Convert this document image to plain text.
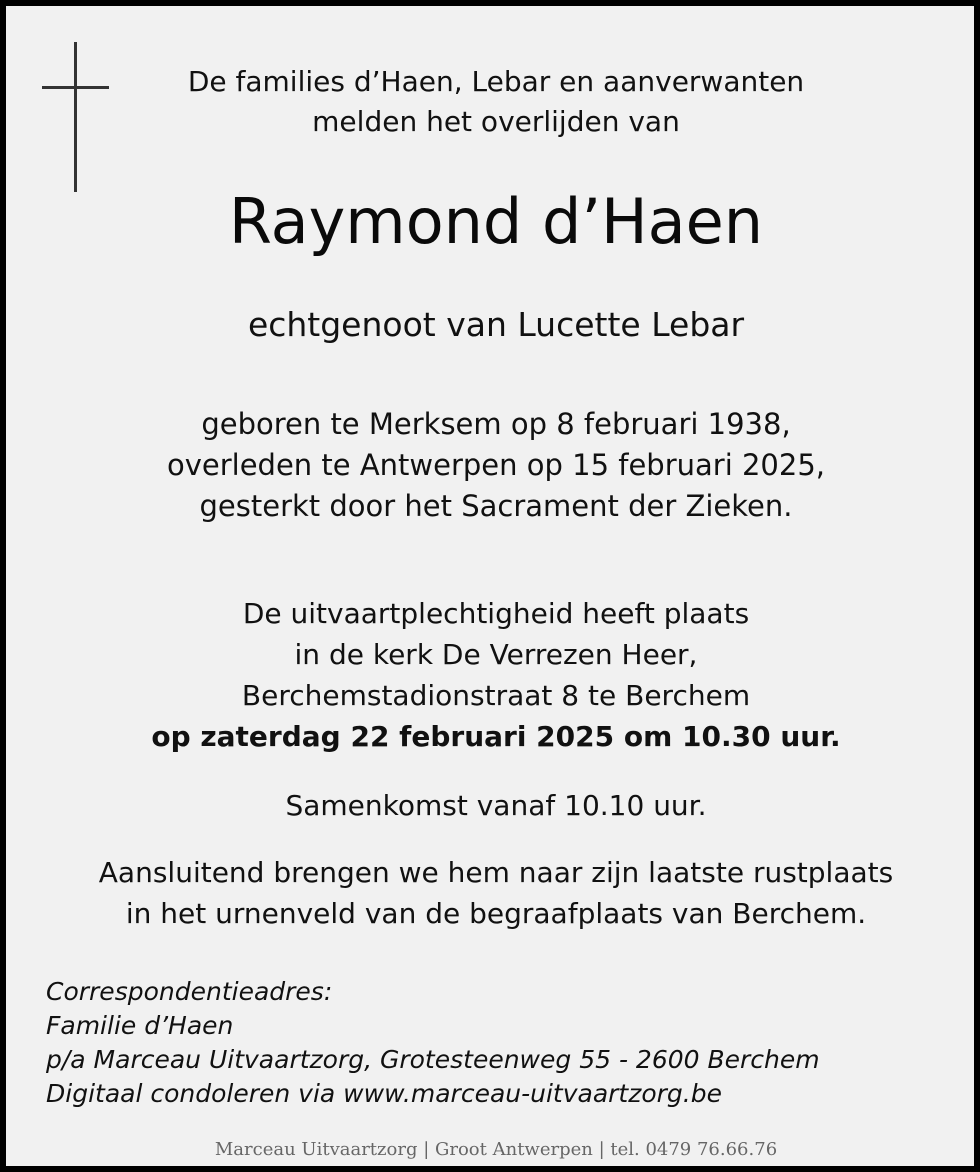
De families d’Haen, Lebar en aanverwanten
melden het overlijden van
Raymond d’Haen
echtgenoot van Lucette Lebar
geboren te Merksem op 8 februari 1938,
overleden te Antwerpen op 15 februari 2025,
gesterkt door het Sacrament der Zieken.
De uitvaartplechtigheid heeft plaats
in de kerk De Verrezen Heer,
Berchemstadionstraat 8 te Berchem
op zaterdag 22 februari 2025 om 10.30 uur.
Samenkomst vanaf 10.10 uur.
Aansluitend brengen we hem naar zijn laatste rustplaats
in het urnenveld van de begraafplaats van Berchem.
Correspondentieadres:
Familie d’Haen
p/a Marceau Uitvaartzorg, Grotesteenweg 55 - 2600 Berchem
Digitaal condoleren via www.marceau-uitvaartzorg.be
Marceau Uitvaartzorg | Groot Antwerpen | tel. 0479 76.66.76
